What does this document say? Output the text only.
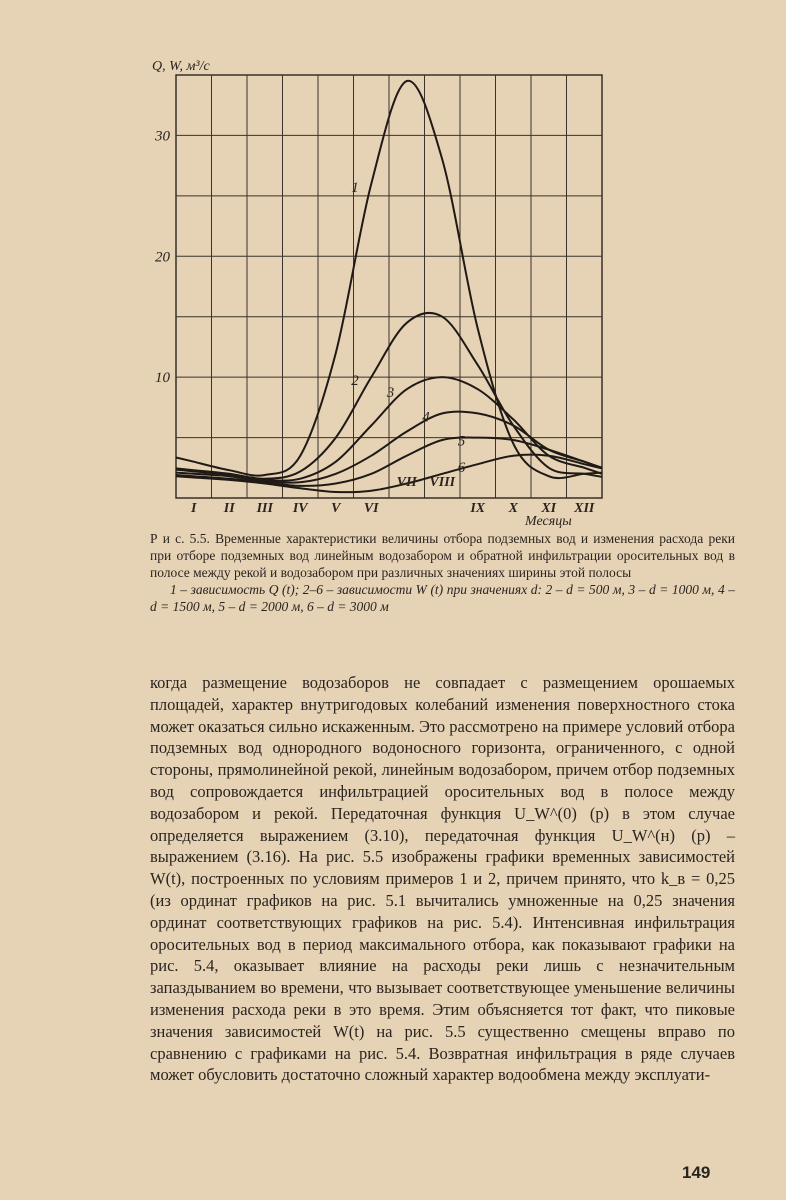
10
20
30
I II III IV V VI
VII VIII
IX X XI XII
1
2
3
4
5
6
Q, W, м³/с
Месяцы
Р и с. 5.5. Временные характеристики величины отбора подземных вод и изменения расхода реки при отборе подземных вод линейным водозабором и обратной инфильтрации оросительных вод в полосе между рекой и водозабором при различных значениях ширины этой полосы
1 – зависимость Q (t); 2–6 – зависимости W (t) при значениях d: 2 – d = 500 м, 3 – d = 1000 м, 4 – d = 1500 м, 5 – d = 2000 м, 6 – d = 3000 м

когда размещение водозаборов не совпадает с размещением орошаемых площадей, характер внутригодовых колебаний изменения поверхностного стока может оказаться сильно искаженным. Это рассмотрено на примере условий отбора подземных вод однородного водоносного горизонта, ограниченного, с одной стороны, прямолинейной рекой, линейным водозабором, причем отбор подземных вод сопровождается инфильтрацией оросительных вод в полосе между водозабором и рекой. Передаточная функция U_W^(0) (p) в этом случае определяется выражением (3.10), передаточная функция U_W^(н) (p) – выражением (3.16). На рис. 5.5 изображены графики временных зависимостей W(t), построенных по условиям примеров 1 и 2, причем принято, что k_в = 0,25 (из ординат графиков на рис. 5.1 вычитались умноженные на 0,25 значения ординат соответствующих графиков на рис. 5.4). Интенсивная инфильтрация оросительных вод в период максимального отбора, как показывают графики на рис. 5.4, оказывает влияние на расходы реки лишь с незначительным запаздыванием во времени, что вызывает соответствующее уменьшение величины изменения расхода реки в это время. Этим объясняется тот факт, что пиковые значения зависимостей W(t) на рис. 5.5 существенно смещены вправо по сравнению с графиками на рис. 5.4. Возвратная инфильтрация в ряде случаев может обусловить достаточно сложный характер водообмена между эксплуати-

149
